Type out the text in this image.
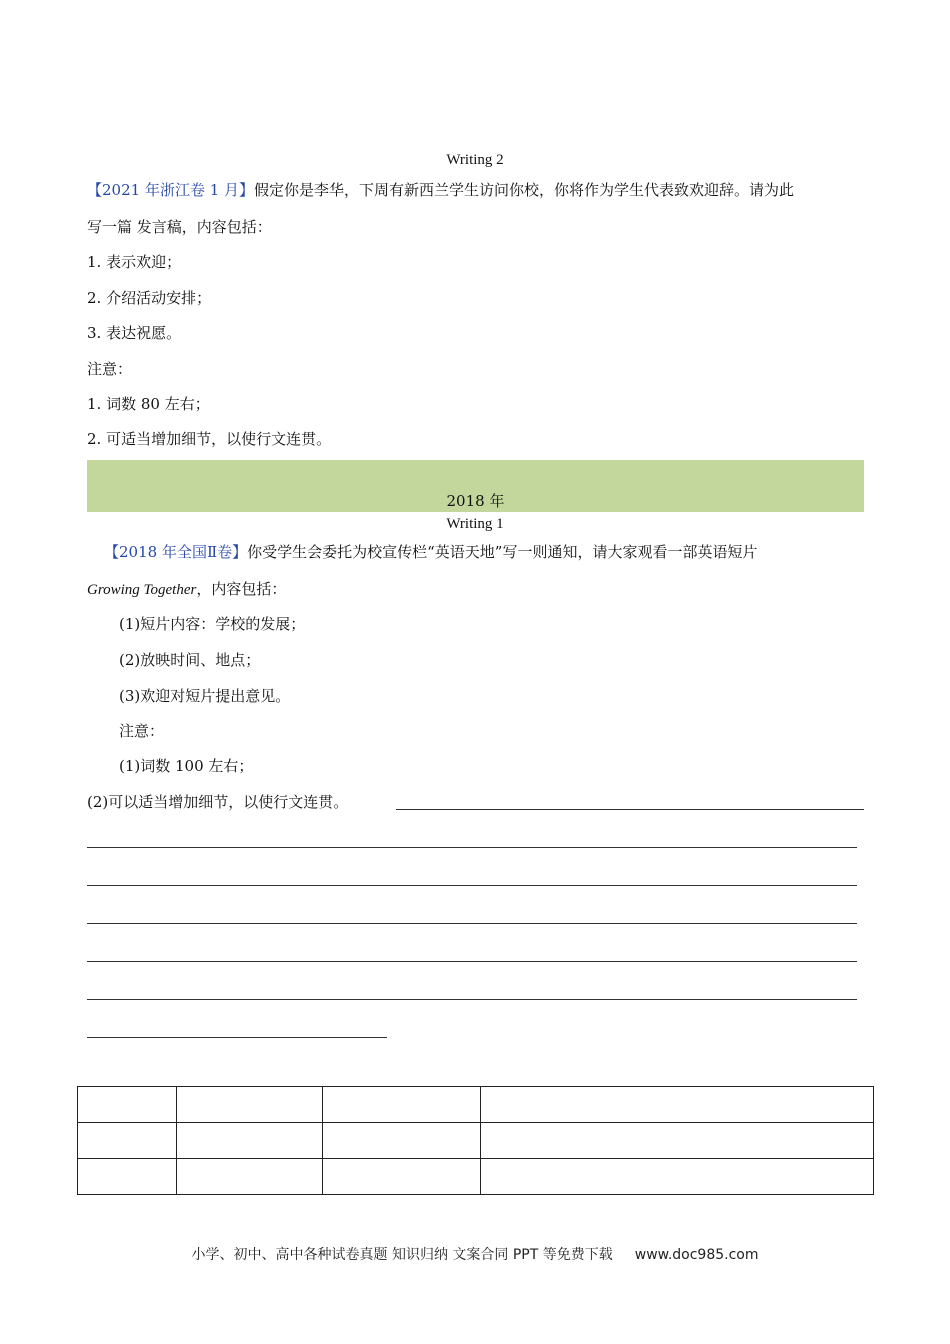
Writing 2
【2021 年浙江卷 1 月】假定你是李华，下周有新西兰学生访问你校，你将作为学生代表致欢迎辞。请为此
写一篇 发言稿，内容包括：
1. 表示欢迎；
2. 介绍活动安排；
3. 表达祝愿。
注意：
1. 词数 80 左右；
2. 可适当增加细节，以使行文连贯。
2018 年
Writing 1
【2018 年全国Ⅱ卷】你受学生会委托为校宣传栏“英语天地”写一则通知，请大家观看一部英语短片
Growing Together，内容包括：
(1)短片内容：学校的发展；
(2)放映时间、地点；
(3)欢迎对短片提出意见。
注意：
(1)词数 100 左右；
(2)可以适当增加细节，以使行文连贯。

小学、初中、高中各种试卷真题 知识归纳 文案合同 PPT 等免费下载 www.doc985.com
